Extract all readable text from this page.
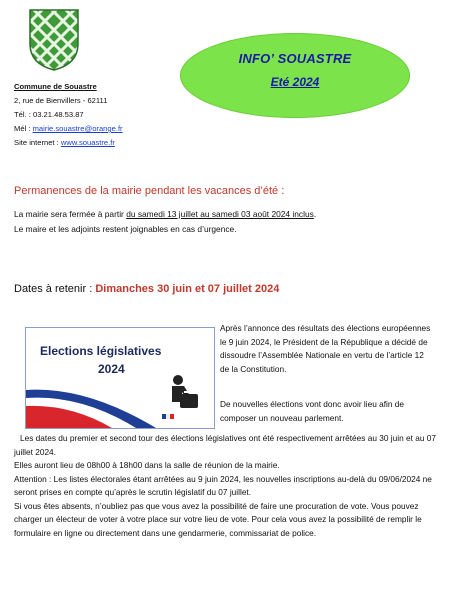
INFO’ SOUASTRE
Eté 2024
Commune de Souastre
2, rue de Bienvillers - 62111
Tél. : 03.21.48.53.87
Mél : mairie.souastre@orange.fr
Site internet : www.souastre.fr
Permanences de la mairie pendant les vacances d’été :
La mairie sera fermée à partir du samedi 13 juillet au samedi 03 août 2024 inclus.
Le maire et les adjoints restent joignables en cas d’urgence.
Dates à retenir : Dimanches 30 juin et 07 juillet 2024
Elections législatives
2024
Après l’annonce des résultats des élections européennes le 9 juin 2024, le Président de la République a décidé de dissoudre l’Assemblée Nationale en vertu de l’article 12 de la Constitution.
De nouvelles élections vont donc avoir lieu afin de composer un nouveau parlement.

Les dates du premier et second tour des élections législatives ont été respectivement arrêtées au 30 juin et au 07 juillet 2024.

Elles auront lieu de 08h00 à 18h00 dans la salle de réunion de la mairie.

Attention : Les listes électorales étant arrêtées au 9 juin 2024, les nouvelles inscriptions au-delà du 09/06/2024 ne seront prises en compte qu’après le scrutin législatif du 07 juillet.

Si vous êtes absents, n’oubliez pas que vous avez la possibilité de faire une procuration de vote. Vous pouvez charger un électeur de voter à votre place sur votre lieu de vote. Pour cela vous avez la possibilité de remplir le formulaire en ligne ou directement dans une gendarmerie, commissariat de police.
